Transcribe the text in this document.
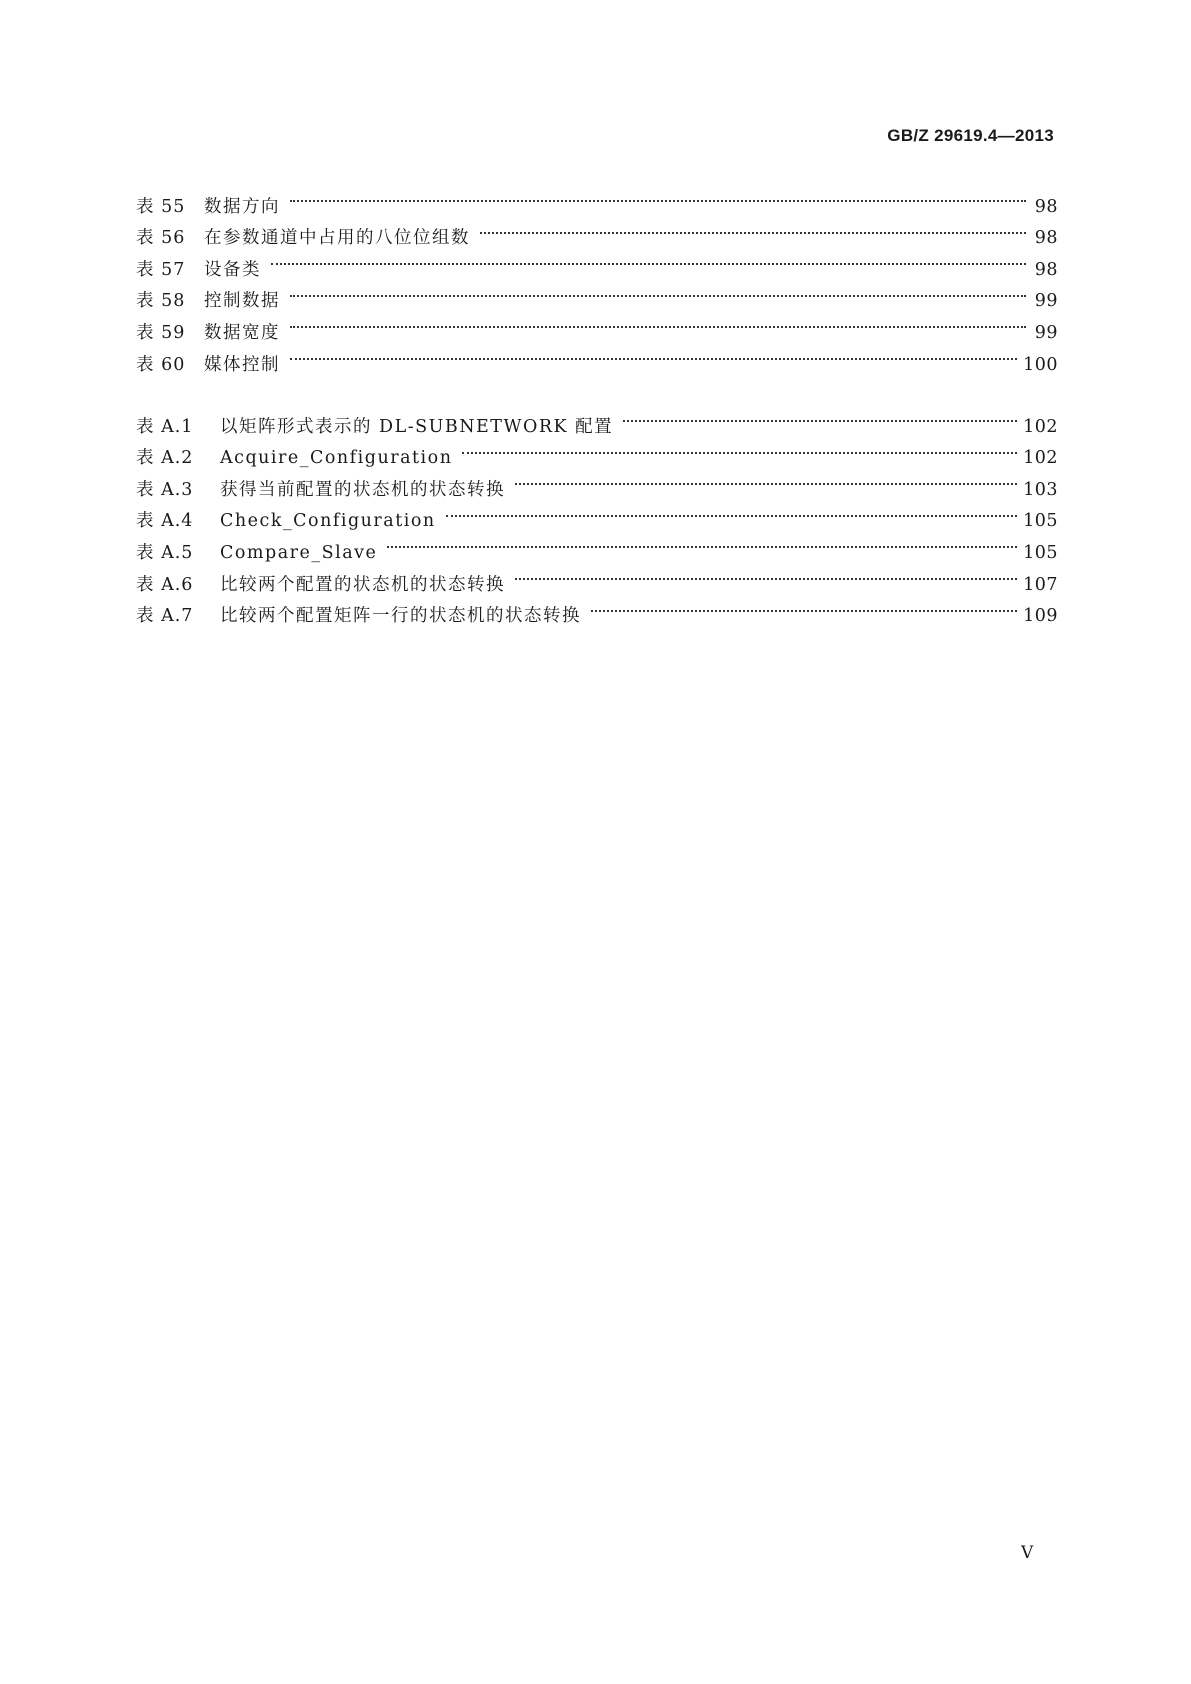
GB/Z 29619.4—2013
表 55	数据方向	98
表 56	在参数通道中占用的八位位组数	98
表 57	设备类	98
表 58	控制数据	99
表 59	数据宽度	99
表 60	媒体控制	100
表 A.1	以矩阵形式表示的 DL-SUBNETWORK 配置	102
表 A.2	Acquire_Configuration	102
表 A.3	获得当前配置的状态机的状态转换	103
表 A.4	Check_Configuration	105
表 A.5	Compare_Slave	105
表 A.6	比较两个配置的状态机的状态转换	107
表 A.7	比较两个配置矩阵一行的状态机的状态转换	109
V
